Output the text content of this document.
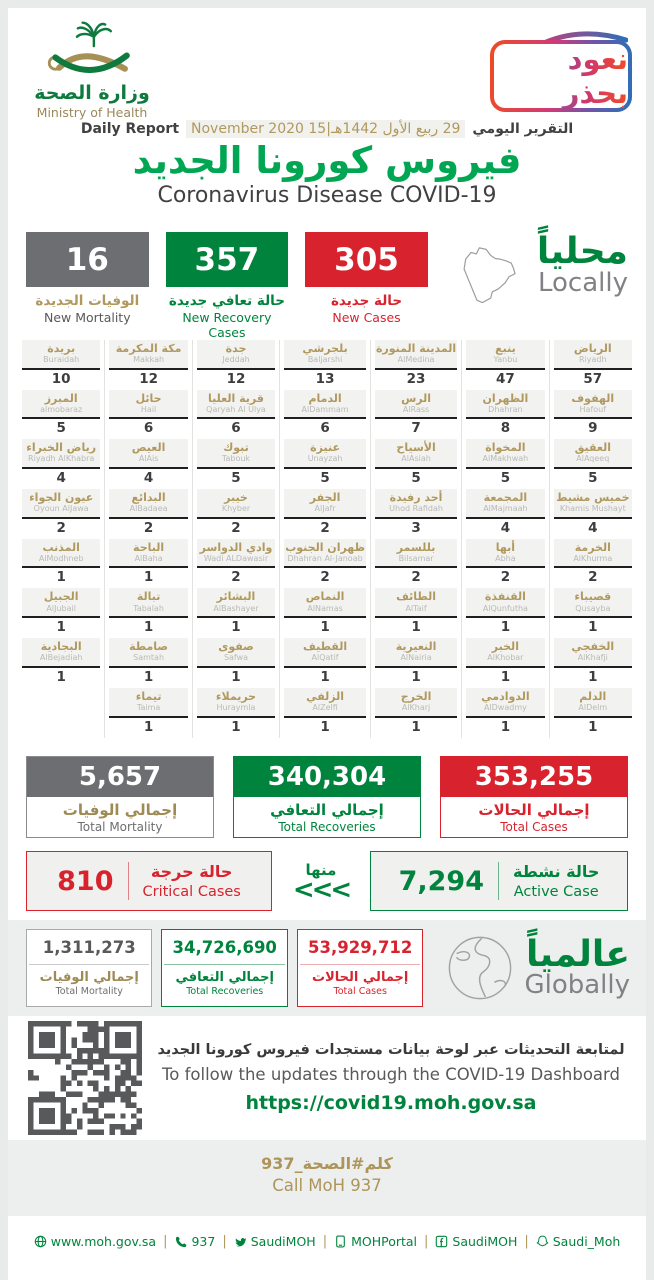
وزارة الصحة
Ministry of Health
نعود بحذر
التقرير اليومي
29 ربيع الأول 1442هـ|15 November 2020
Daily Report
فيروس كورونا الجديد
Coronavirus Disease COVID-19
16
الوفيات الجديدة
New Mortality
357
حالة تعافي جديدة
New Recovery Cases
305
حالة جديدة
New Cases
محلياً
Locally
الرياض
Riyadh
57
الهفوف
Hafouf
9
العقيق
AlAqeeq
5
خميس مشيط
Khamis Mushayt
4
الخرمة
AlKhurma
2
قصيباء
Qusayba
1
الخفجي
AlKhafji
1
الدلم
AlDelm
1
ينبع
Yanbu
47
الظهران
Dhahran
8
المخواة
AlMakhwah
5
المجمعة
AlMajmaah
4
أبها
Abha
2
القنفذة
AlQunfutha
1
الخبر
AlKhobar
1
الدوادمي
AlDwadmy
1
المدينة المنورة
AlMedina
23
الرس
AlRass
7
الأسياح
AlAsiah
5
أحد رفيدة
Uhod Rafidah
3
بللسمر
Bilsamar
2
الطائف
AlTaif
1
النعيرية
AlNairia
1
الخرج
AlKharj
1
بلجرشي
Baljarshi
13
الدمام
AlDammam
6
عنيزة
Unayzah
5
الجفر
AlJafr
2
ظهران الجنوب
Dhahran Al-Janoab
2
النماص
AlNamas
1
القطيف
AlQatif
1
الزلفي
AlZelfi
1
جدة
Jeddah
12
قرية العليا
Qaryah Al Ulya
6
تبوك
Tabouk
5
خيبر
Khyber
2
وادي الدواسر
Wadi ALDawasir
2
البشائر
AlBashayer
1
صفوى
Safwa
1
حريملاء
Huraymla
1
مكة المكرمة
Makkah
12
حائل
Hail
6
العيص
AlAis
4
البدائع
AlBadaea
2
الباحة
AlBaha
1
تبالة
Tabalah
1
صامطة
Samtah
1
تيماء
Taima
1
بريدة
Buraidah
10
المبرز
almobaraz
5
رياض الخبراء
Riyadh AlKhabra
4
عيون الجواء
Oyoun AlJawa
2
المذنب
AlModhneb
1
الجبيل
AlJubail
1
البجادية
AlBejadiah
1
5,657
إجمالي الوفيات
Total Mortality
340,304
إجمالي التعافي
Total Recoveries
353,255
إجمالي الحالات
Total Cases
810	حالة حرجة
Critical Cases
منها
<<<	7,294 حالة نشطة
Active Case
1,311,273
إجمالي الوفيات
Total Mortality
34,726,690
إجمالي التعافي
Total Recoveries
53,929,712
إجمالي الحالات
Total Cases
عالمياً
Globally
لمتابعة التحديثات عبر لوحة بيانات مستجدات فيروس كورونا الجديد
To follow the updates through the COVID-19 Dashboard
https://covid19.moh.gov.sa
كلم#الصحة_937
Call MoH 937
www.moh.gov.sa | 937 | SaudiMOH | MOHPortal | SaudiMOH | Saudi_Moh
